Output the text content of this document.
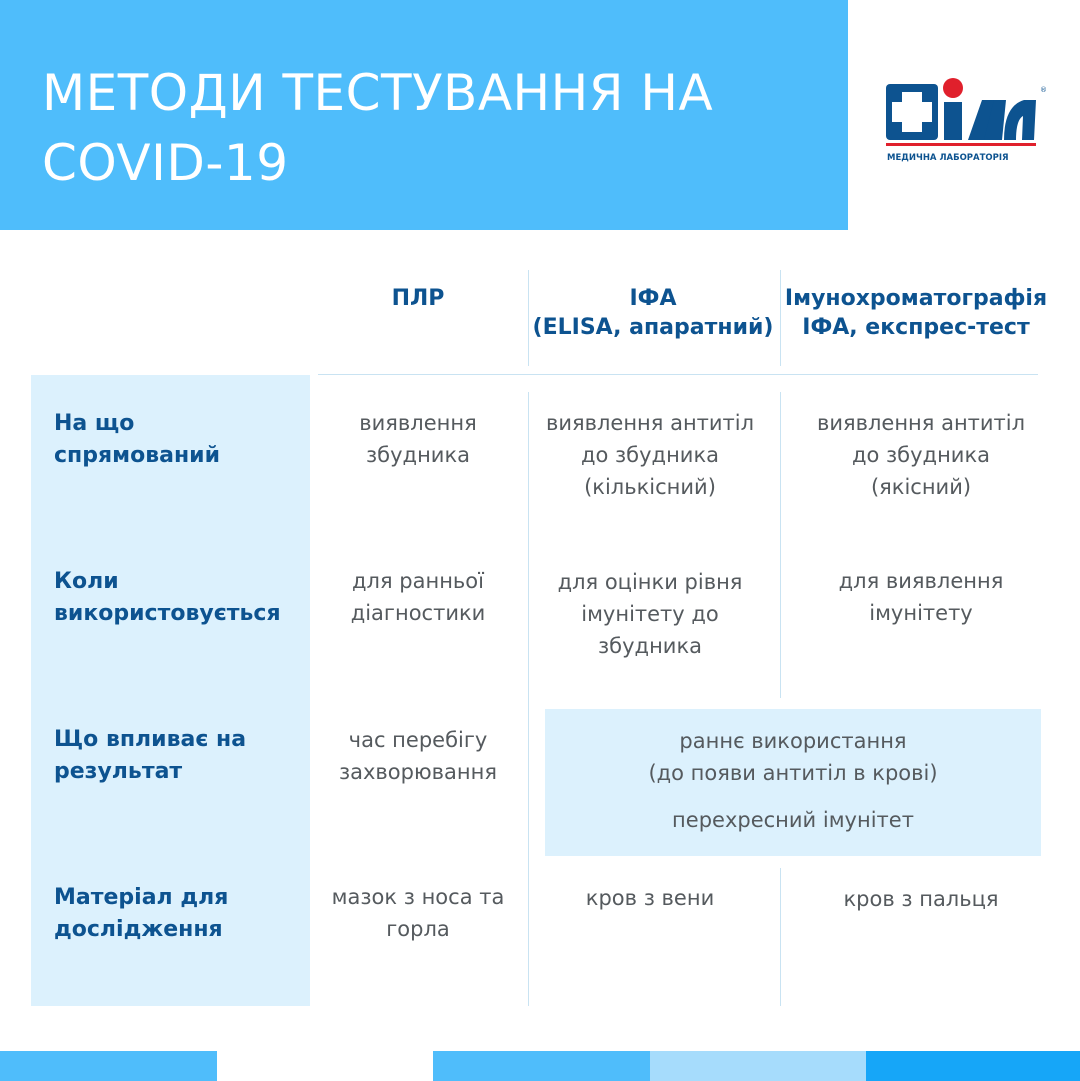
МЕТОДИ ТЕСТУВАННЯ НА
COVID-19
®
МЕДИЧНА ЛАБОРАТОРІЯ
ПЛР	ІФА
(ELISA, апаратний)
Імунохроматографія
ІФА, експрес-тест
На що
спрямований
Коли
використовується
Що впливає на
результат
Матеріал для
дослідження
виявлення
збудника
виявлення антитіл
до збудника
(кількісний)
виявлення антитіл
до збудника
(якісний)
для ранньої
діагностики
для оцінки рівня
імунітету до
збудника
для виявлення
імунітету
час перебігу
захворювання
раннє використання
(до появи антитіл в крові)
перехресний імунітет
мазок з носа та
горла
кров з вени	кров з пальця
